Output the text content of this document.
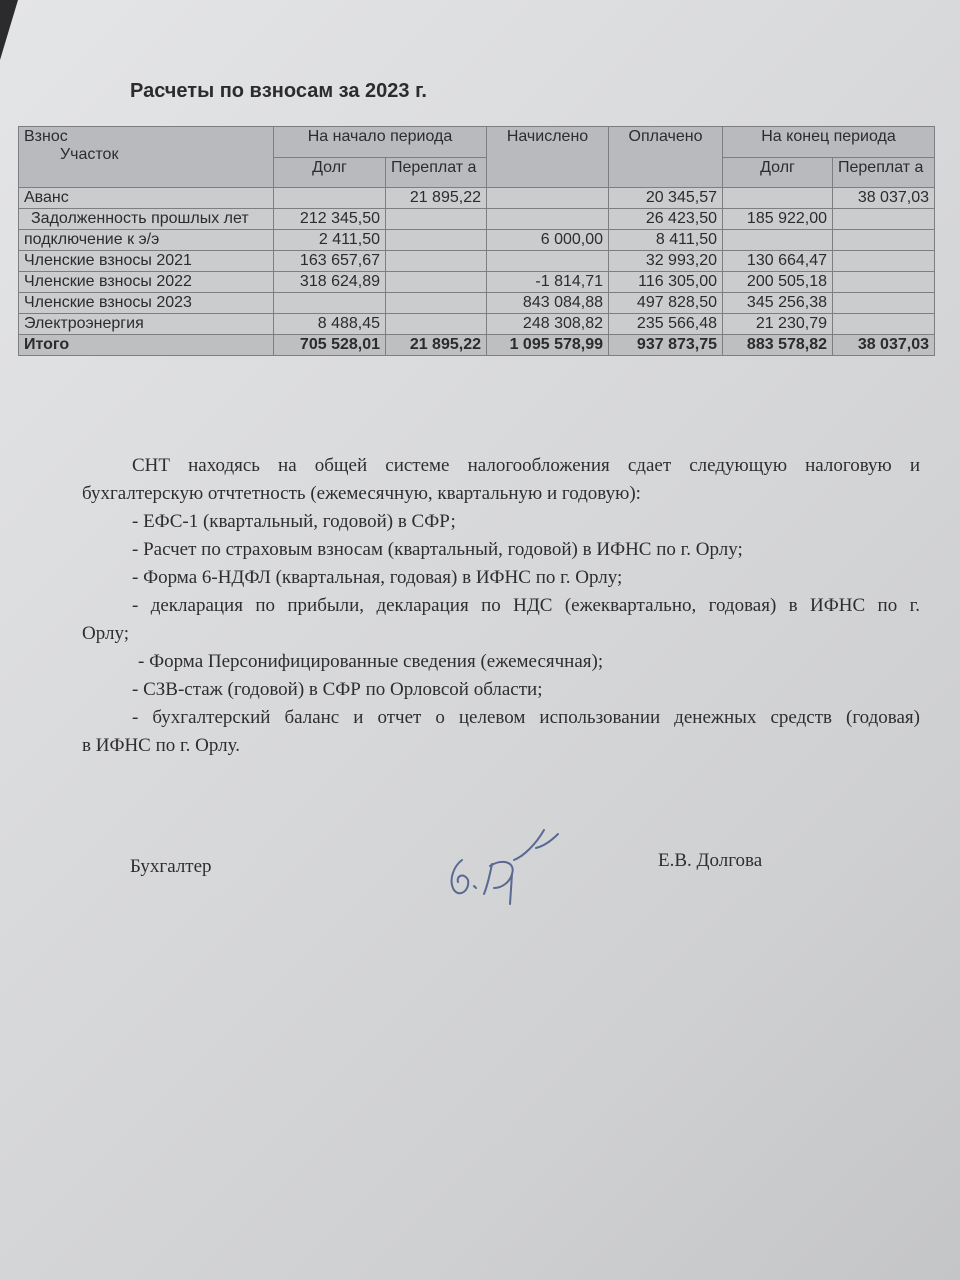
Расчеты по взносам за 2023 г.
Взнос
Участок	На начало периода		Начислено	Оплачено	На конец периода	
	Долг	Переплат а			Долг	Переплат а
Аванс		21 895,22		20 345,57		38 037,03
Задолженность прошлых лет	212 345,50			26 423,50	185 922,00	
подключение к э/э	2 411,50		6 000,00	8 411,50		
Членские взносы 2021	163 657,67			32 993,20	130 664,47	
Членские взносы 2022	318 624,89		-1 814,71	116 305,00	200 505,18	
Членские взносы 2023			843 084,88	497 828,50	345 256,38	
Электроэнергия	8 488,45		248 308,82	235 566,48	21 230,79	
Итого	705 528,01	21 895,22	1 095 578,99	937 873,75	883 578,82	38 037,03
СНТ находясь на общей системе налогообложения сдает следующую налоговую и
бухгалтерскую отчтетность (ежемесячную, квартальную и годовую):
- ЕФС-1 (квартальный, годовой) в СФР;
- Расчет по страховым взносам (квартальный, годовой) в ИФНС по г. Орлу;
- Форма 6-НДФЛ (квартальная, годовая) в ИФНС по г. Орлу;
- декларация по прибыли, декларация по НДС (ежеквартально, годовая) в ИФНС по г.
Орлу;
- Форма Персонифицированные сведения (ежемесячная);
- СЗВ-стаж (годовой) в СФР по Орловсой области;
- бухгалтерский баланс и отчет о целевом использовании денежных средств (годовая)
в ИФНС по г. Орлу.
Бухгалтер	Е.В. Долгова
